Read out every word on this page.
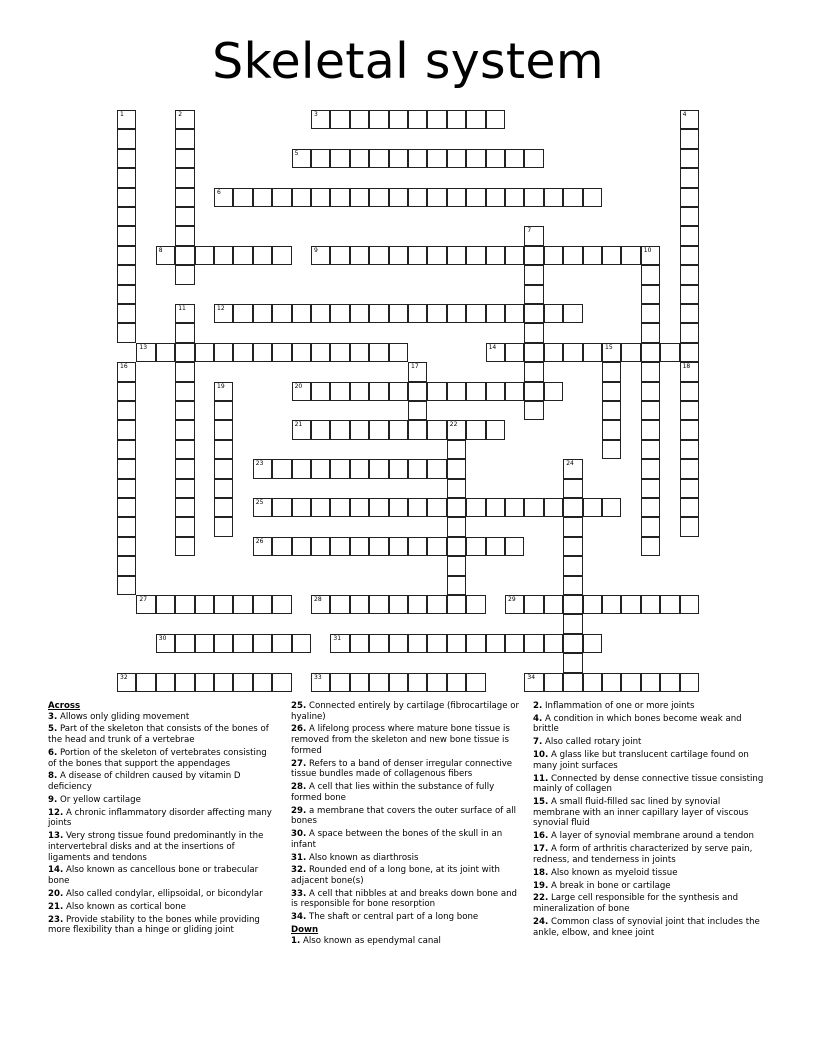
Skeletal system
3
5
6
8	9
12
13	14	15
20
21	22
23
25
26
27	28	29
30	31
32	33	34
1	2	4
7
10
11
16	17	18
19
24

Across

3. Allows only gliding movement

5. Part of the skeleton that consists of the bones of the head and trunk of a vertebrae

6. Portion of the skeleton of vertebrates consisting of the bones that support the appendages

8. A disease of children caused by vitamin D deficiency

9. Or yellow cartilage

12. A chronic inflammatory disorder affecting many joints

13. Very strong tissue found predominantly in the intervertebral disks and at the insertions of ligaments and tendons

14. Also known as cancellous bone or trabecular bone

20. Also called condylar, ellipsoidal, or bicondylar

21. Also known as cortical bone

23. Provide stability to the bones while providing more flexibility than a hinge or gliding joint

25. Connected entirely by cartilage (fibrocartilage or hyaline)

26. A lifelong process where mature bone tissue is removed from the skeleton and new bone tissue is formed

27. Refers to a band of denser irregular connective tissue bundles made of collagenous fibers

28. A cell that lies within the substance of fully formed bone

29. a membrane that covers the outer surface of all bones

30. A space between the bones of the skull in an infant

31. Also known as diarthrosis

32. Rounded end of a long bone, at its joint with adjacent bone(s)

33. A cell that nibbles at and breaks down bone and is responsible for bone resorption

34. The shaft or central part of a long bone

Down

1. Also known as ependymal canal

2. Inflammation of one or more joints

4. A condition in which bones become weak and brittle

7. Also called rotary joint

10. A glass like but translucent cartilage found on many joint surfaces

11. Connected by dense connective tissue consisting mainly of collagen

15. A small fluid-filled sac lined by synovial membrane with an inner capillary layer of viscous synovial fluid

16. A layer of synovial membrane around a tendon

17. A form of arthritis characterized by serve pain, redness, and tenderness in joints

18. Also known as myeloid tissue

19. A break in bone or cartilage

22. Large cell responsible for the synthesis and mineralization of bone

24. Common class of synovial joint that includes the ankle, elbow, and knee joint
